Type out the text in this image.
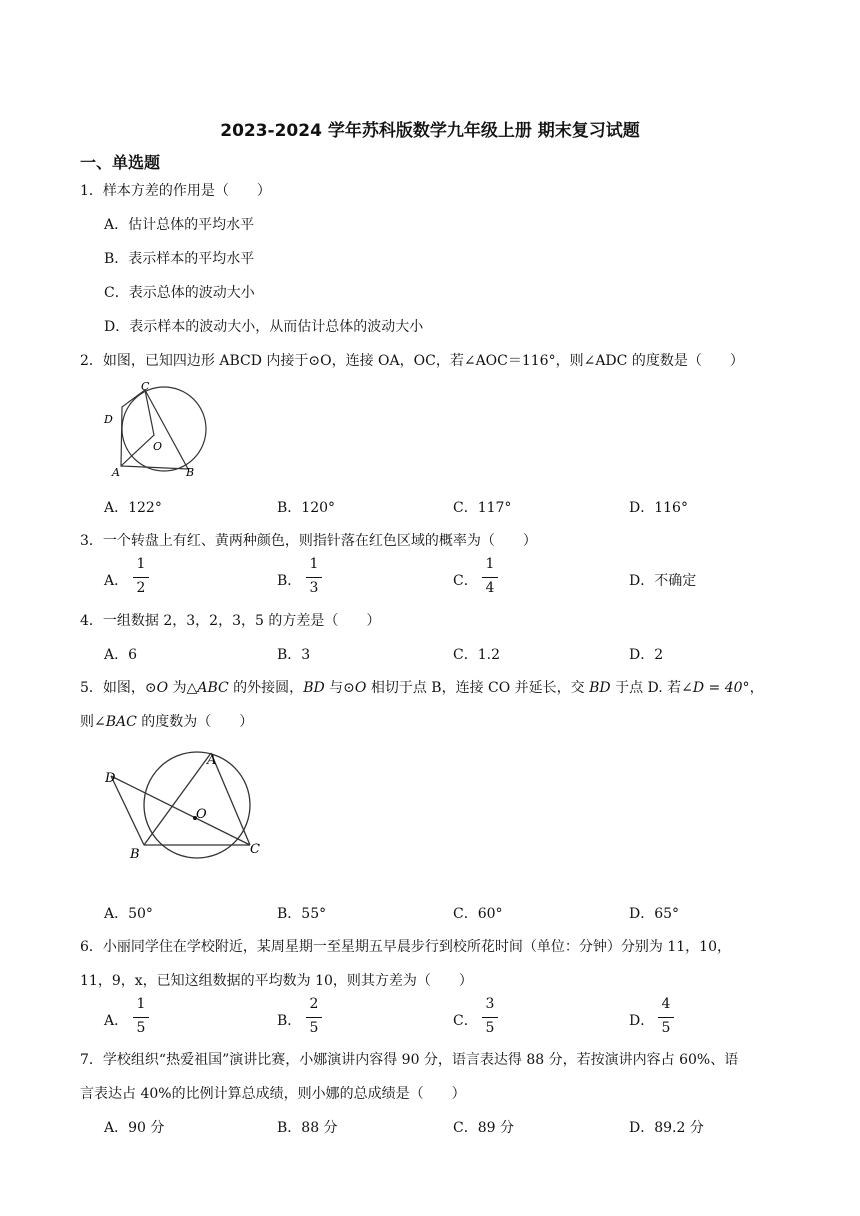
2023-2024 学年苏科版数学九年级上册 期末复习试题
一、单选题
1．样本方差的作用是（　　）
A．估计总体的平均水平
B．表示样本的平均水平
C．表示总体的波动大小
D．表示样本的波动大小，从而估计总体的波动大小
2．如图，已知四边形 ABCD 内接于⊙O，连接 OA，OC，若∠AOC＝116°，则∠ADC 的度数是（　　）
C
D
O
A	B
A．122°	B．120°	C．117°	D．116°
3．一个转盘上有红、黄两种颜色，则指针落在红色区域的概率为（　　）
A．
1
2	B．
1
3	C．
1
4	D．不确定
4．一组数据 2，3，2，3，5 的方差是（　　）
A．6	B．3	C．1.2	D．2
5．如图，⊙O 为△ABC 的外接圆，BD 与⊙O 相切于点 B，连接 CO 并延长，交 BD 于点 D. 若∠D = 40°，
则∠BAC 的度数为（　　）
D
A
O
B	C
A．50°	B．55°	C．60°	D．65°
6．小丽同学住在学校附近，某周星期一至星期五早晨步行到校所花时间（单位：分钟）分别为 11，10，
11，9，x，已知这组数据的平均数为 10，则其方差为（　　）
A．
1
5	B．
2
5	C．
3
5	D．
4
5
7．学校组织“热爱祖国”演讲比赛，小娜演讲内容得 90 分，语言表达得 88 分，若按演讲内容占 60%、语
言表达占 40%的比例计算总成绩，则小娜的总成绩是（　　）
A．90 分	B．88 分	C．89 分	D．89.2 分
